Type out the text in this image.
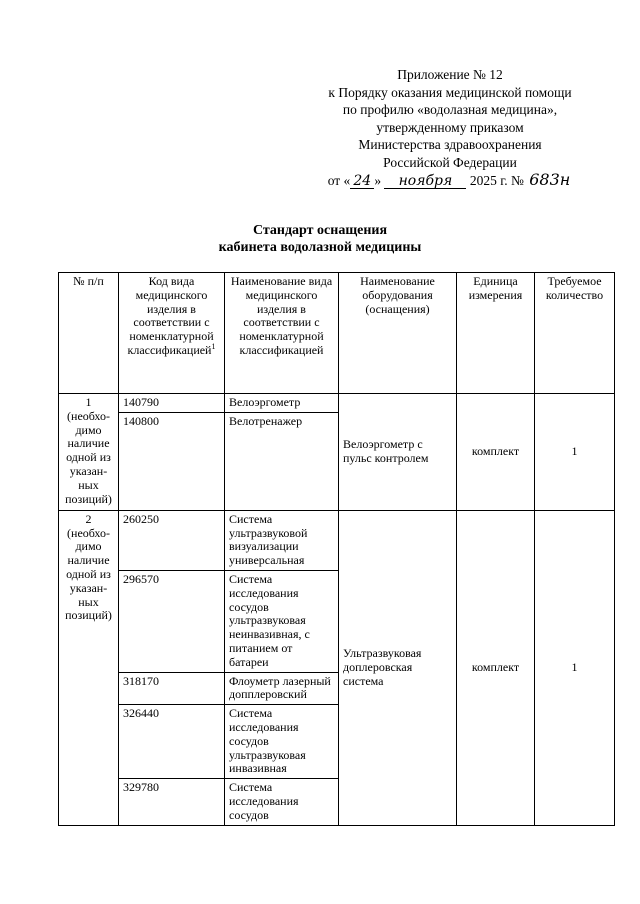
Приложение № 12
к Порядку оказания медицинской помощи
по профилю «водолазная медицина»,
утвержденному приказом
Министерства здравоохранения
Российской Федерации
от « 24 » ноября 2025 г. № 683н
Стандарт оснащения
кабинета водолазной медицины
№ п/п	Код вида медицинского изделия в соответствии с номенклатурной классификацией$^1$	Наименование вида медицинского изделия в соответствии с номенклатурной классификацией	Наименование оборудования (оснащения)	Единица измерения	Требуемое количество
1 (необхо-димо наличие одной из указан-ных позиций)	140790	Велоэргометр	Велоэргометр с пульс контролем	комплект	1
	140800	Велотренажер			
2 (необхо-димо наличие одной из указан-ных позиций)	260250	Система ультразвуковой визуализации универсальная	Ультразвуковая доплеровская система	комплект	1
	296570	Система исследования сосудов ультразвуковая неинвазивная, с питанием от батареи			
	318170	Флоуметр лазерный допплеровский			
	326440	Система исследования сосудов ультразвуковая инвазивная			
	329780	Система исследования сосудов			
